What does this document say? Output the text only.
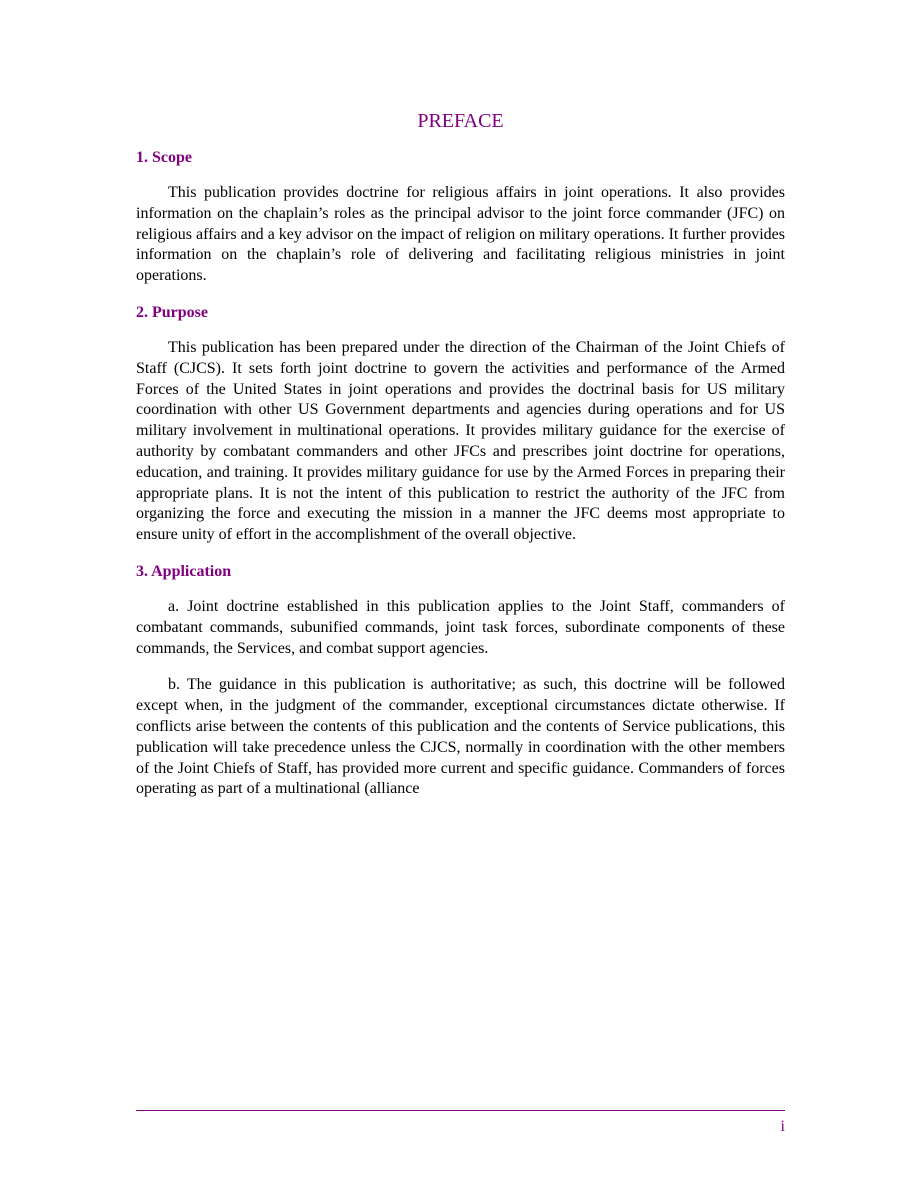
PREFACE
1. Scope

This publication provides doctrine for religious affairs in joint operations. It also provides information on the chaplain’s roles as the principal advisor to the joint force commander (JFC) on religious affairs and a key advisor on the impact of religion on military operations. It further provides information on the chaplain’s role of delivering and facilitating religious ministries in joint operations.

2. Purpose

This publication has been prepared under the direction of the Chairman of the Joint Chiefs of Staff (CJCS). It sets forth joint doctrine to govern the activities and performance of the Armed Forces of the United States in joint operations and provides the doctrinal basis for US military coordination with other US Government departments and agencies during operations and for US military involvement in multinational operations. It provides military guidance for the exercise of authority by combatant commanders and other JFCs and prescribes joint doctrine for operations, education, and training. It provides military guidance for use by the Armed Forces in preparing their appropriate plans. It is not the intent of this publication to restrict the authority of the JFC from organizing the force and executing the mission in a manner the JFC deems most appropriate to ensure unity of effort in the accomplishment of the overall objective.

3. Application

a. Joint doctrine established in this publication applies to the Joint Staff, commanders of combatant commands, subunified commands, joint task forces, subordinate components of these commands, the Services, and combat support agencies.

b. The guidance in this publication is authoritative; as such, this doctrine will be followed except when, in the judgment of the commander, exceptional circumstances dictate otherwise. If conflicts arise between the contents of this publication and the contents of Service publications, this publication will take precedence unless the CJCS, normally in coordination with the other members of the Joint Chiefs of Staff, has provided more current and specific guidance. Commanders of forces operating as part of a multinational (alliance

i
